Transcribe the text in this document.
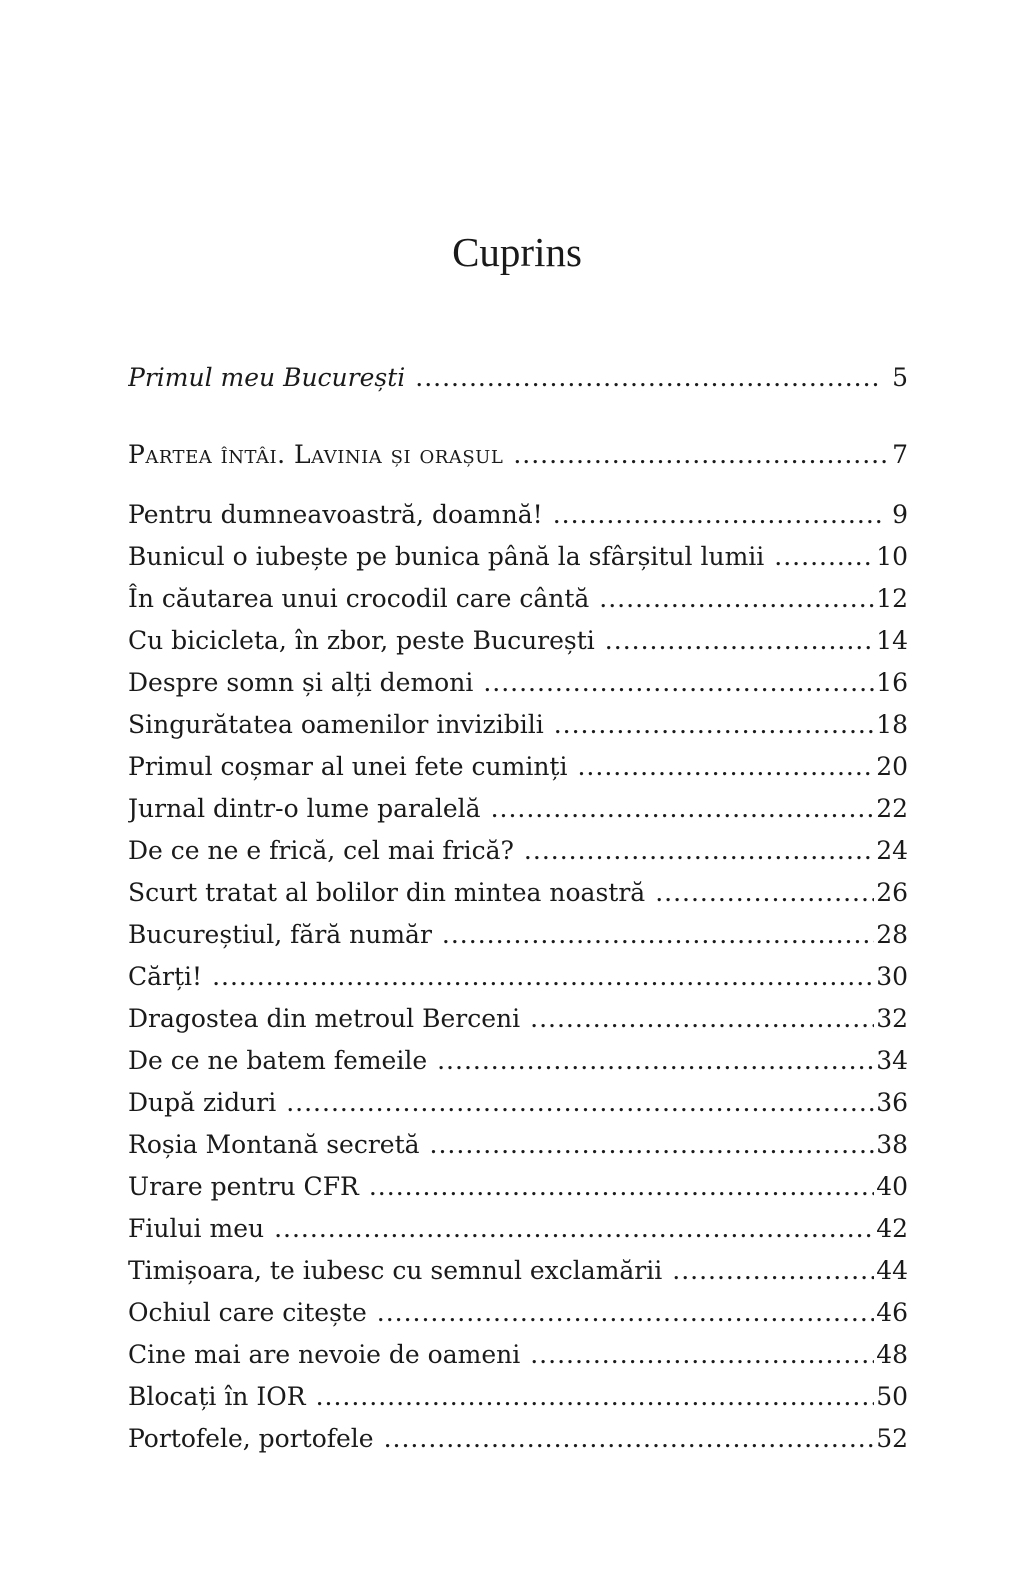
Cuprins
Primul meu București .....	5
Partea întâi. Lavinia și orașul .....	7
Pentru dumneavoastră, doamnă! .....	9
Bunicul o iubește pe bunica până la sfârșitul lumii .....	10
În căutarea unui crocodil care cântă .....	12
Cu bicicleta, în zbor, peste București .....	14
Despre somn și alți demoni .....	16
Singurătatea oamenilor invizibili .....	18
Primul coșmar al unei fete cuminți .....	20
Jurnal dintr-o lume paralelă .....	22
De ce ne e frică, cel mai frică? .....	24
Scurt tratat al bolilor din mintea noastră .....	26
Bucureștiul, fără număr .....	28
Cărți! .....	30
Dragostea din metroul Berceni .....	32
De ce ne batem femeile .....	34
După ziduri .....	36
Roșia Montană secretă .....	38
Urare pentru CFR .....	40
Fiului meu .....	42
Timișoara, te iubesc cu semnul exclamării .....	44
Ochiul care citește .....	46
Cine mai are nevoie de oameni .....	48
Blocați în IOR .....	50
Portofele, portofele .....	52
